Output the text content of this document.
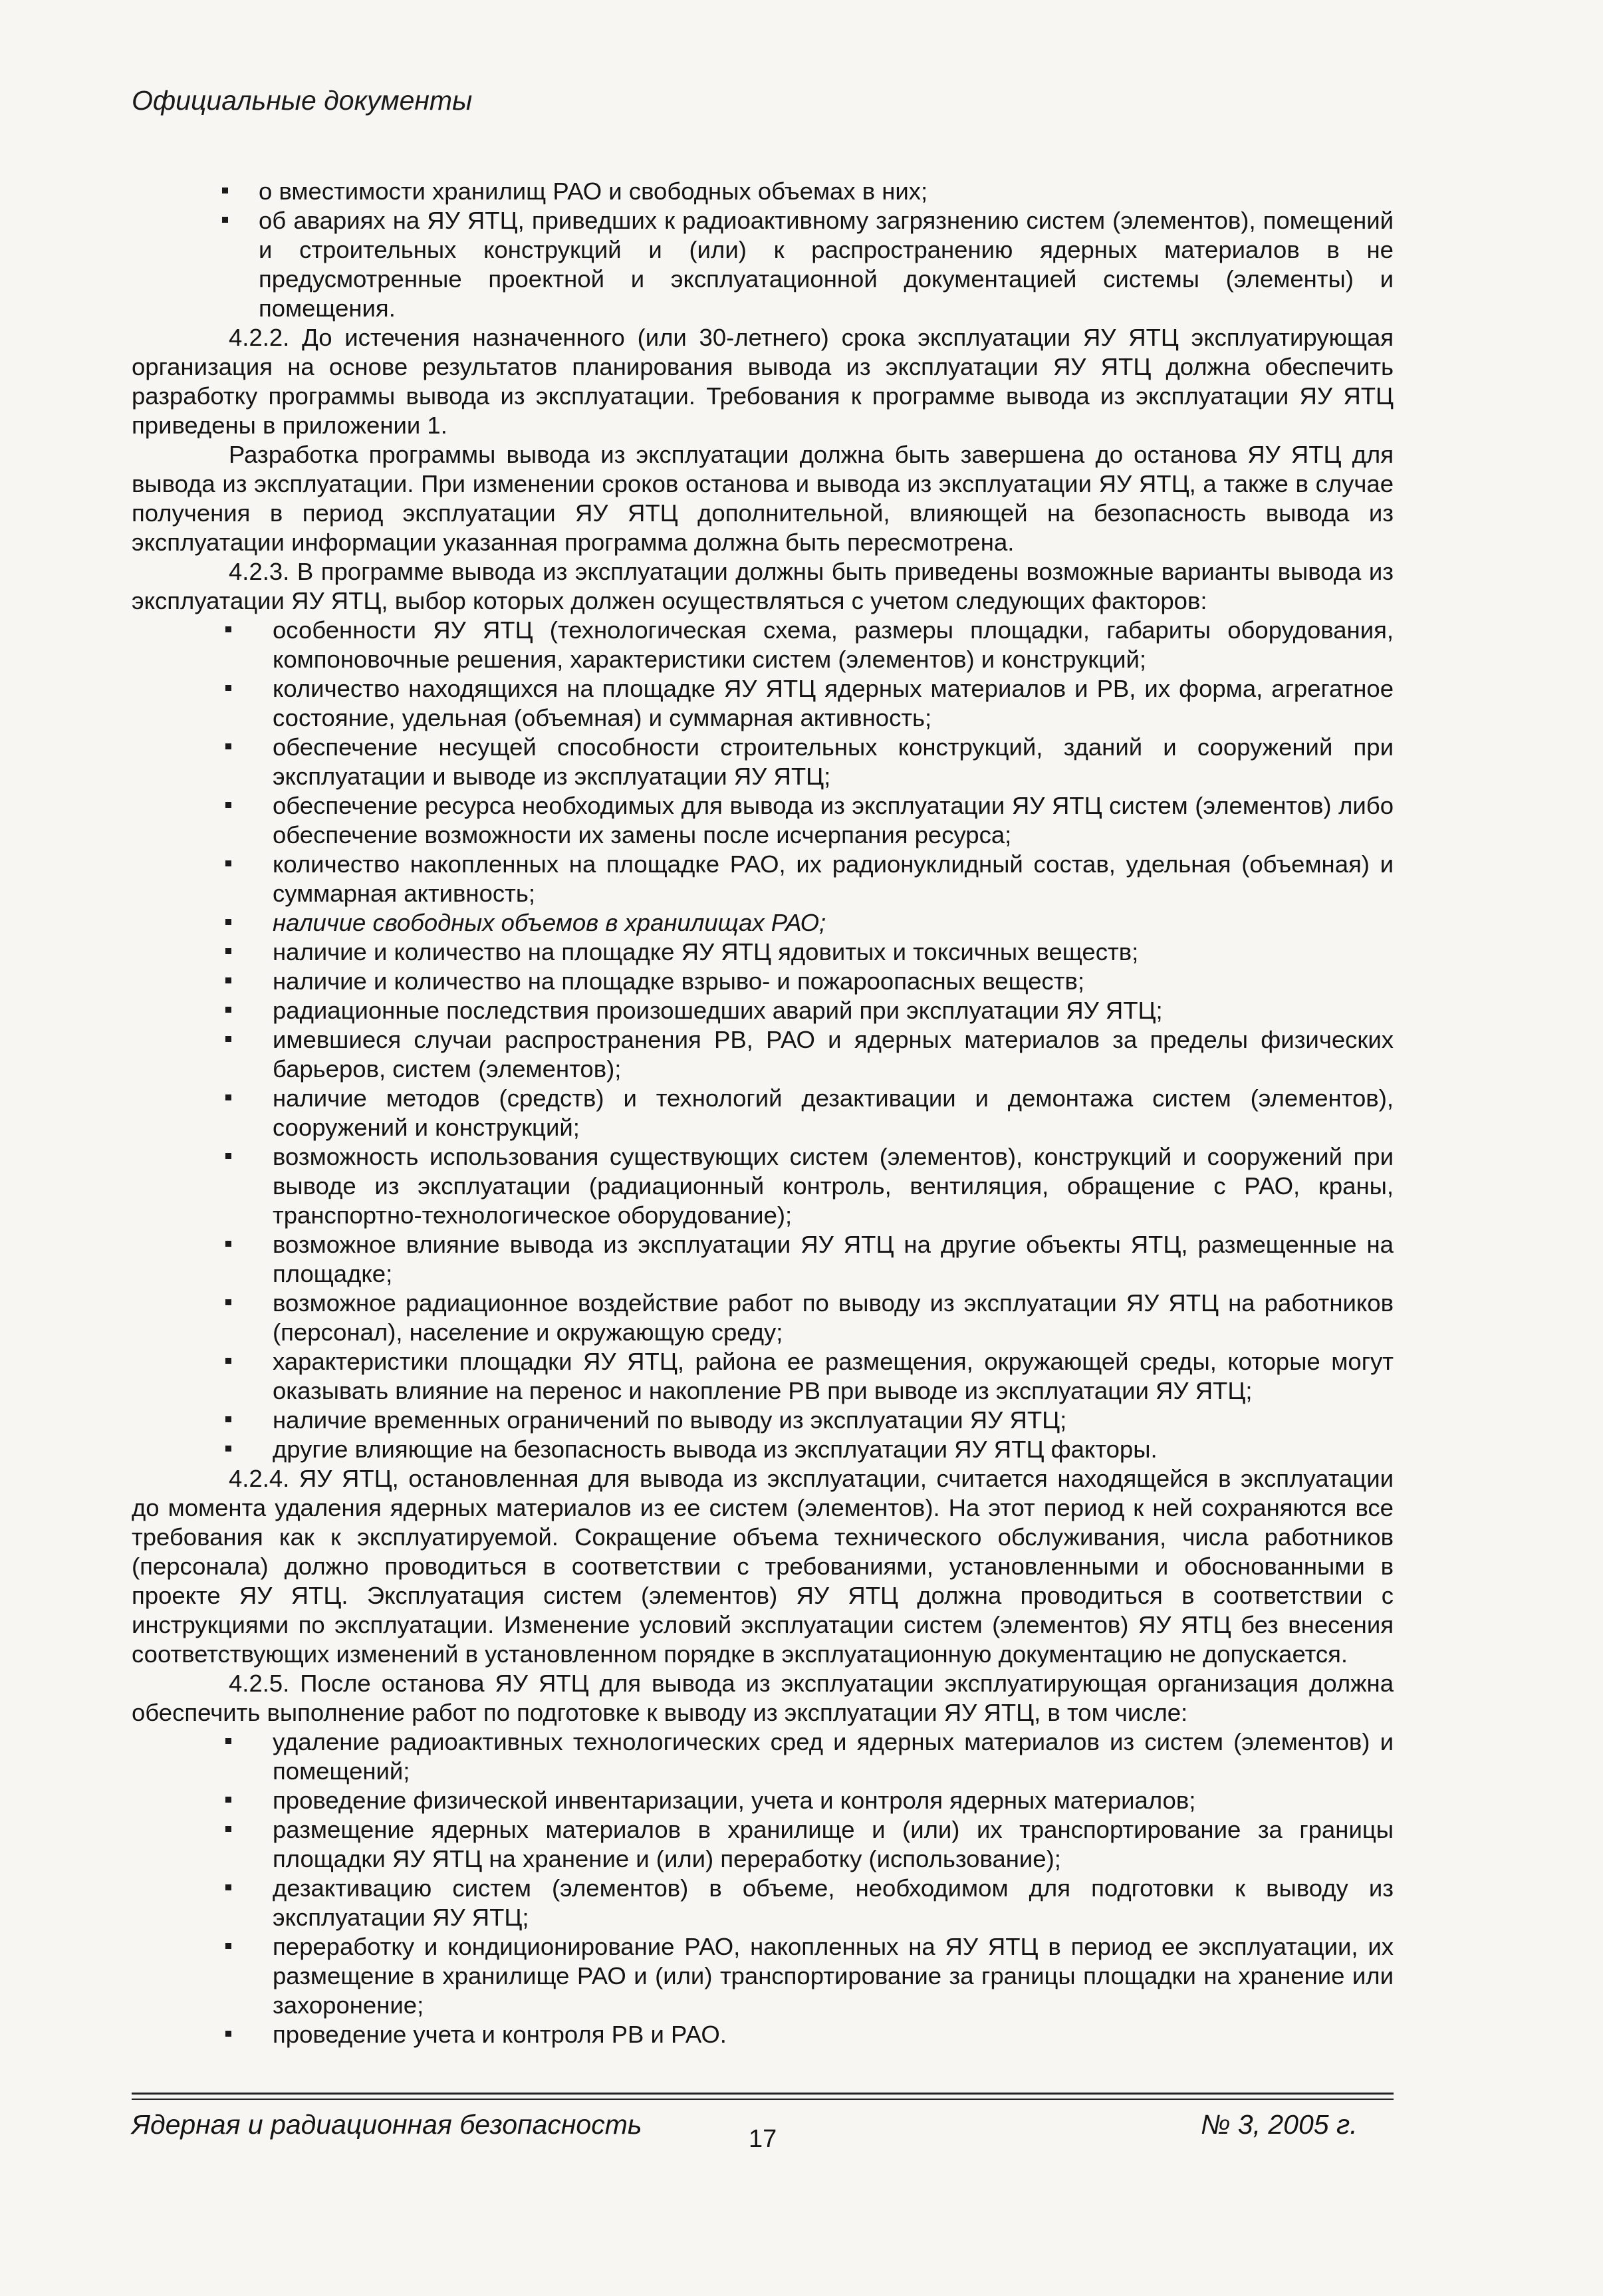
Официальные документы
о вместимости хранилищ РАО и свободных объемах в них;
об авариях на ЯУ ЯТЦ, приведших к радиоактивному загрязнению систем (элементов), помещений и строительных конструкций и (или) к распространению ядерных материалов в не предусмотренные проектной и эксплуатационной документацией системы (элементы) и помещения.

4.2.2. До истечения назначенного (или 30-летнего) срока эксплуатации ЯУ ЯТЦ эксплуатирующая организация на основе результатов планирования вывода из эксплуатации ЯУ ЯТЦ должна обеспечить разработку программы вывода из эксплуатации. Требования к программе вывода из эксплуатации ЯУ ЯТЦ приведены в приложении 1.

Разработка программы вывода из эксплуатации должна быть завершена до останова ЯУ ЯТЦ для вывода из эксплуатации. При изменении сроков останова и вывода из эксплуатации ЯУ ЯТЦ, а также в случае получения в период эксплуатации ЯУ ЯТЦ дополнительной, влияющей на безопасность вывода из эксплуатации информации указанная программа должна быть пересмотрена.

4.2.3. В программе вывода из эксплуатации должны быть приведены возможные варианты вывода из эксплуатации ЯУ ЯТЦ, выбор которых должен осуществляться с учетом следующих факторов:

особенности ЯУ ЯТЦ (технологическая схема, размеры площадки, габариты оборудования, компоновочные решения, характеристики систем (элементов) и конструкций;
количество находящихся на площадке ЯУ ЯТЦ ядерных материалов и РВ, их форма, агрегатное состояние, удельная (объемная) и суммарная активность;
обеспечение несущей способности строительных конструкций, зданий и сооружений при эксплуатации и выводе из эксплуатации ЯУ ЯТЦ;
обеспечение ресурса необходимых для вывода из эксплуатации ЯУ ЯТЦ систем (элементов) либо обеспечение возможности их замены после исчерпания ресурса;
количество накопленных на площадке РАО, их радионуклидный состав, удельная (объемная) и суммарная активность;
наличие свободных объемов в хранилищах РАО;
наличие и количество на площадке ЯУ ЯТЦ ядовитых и токсичных веществ;
наличие и количество на площадке взрыво- и пожароопасных веществ;
радиационные последствия произошедших аварий при эксплуатации ЯУ ЯТЦ;
имевшиеся случаи распространения РВ, РАО и ядерных материалов за пределы физических барьеров, систем (элементов);
наличие методов (средств) и технологий дезактивации и демонтажа систем (элементов), сооружений и конструкций;
возможность использования существующих систем (элементов), конструкций и сооружений при выводе из эксплуатации (радиационный контроль, вентиляция, обращение с РАО, краны, транспортно-технологическое оборудование);
возможное влияние вывода из эксплуатации ЯУ ЯТЦ на другие объекты ЯТЦ, размещенные на площадке;
возможное радиационное воздействие работ по выводу из эксплуатации ЯУ ЯТЦ на работников (персонал), население и окружающую среду;
характеристики площадки ЯУ ЯТЦ, района ее размещения, окружающей среды, которые могут оказывать влияние на перенос и накопление РВ при выводе из эксплуатации ЯУ ЯТЦ;
наличие временных ограничений по выводу из эксплуатации ЯУ ЯТЦ;
другие влияющие на безопасность вывода из эксплуатации ЯУ ЯТЦ факторы.

4.2.4. ЯУ ЯТЦ, остановленная для вывода из эксплуатации, считается находящейся в эксплуатации до момента удаления ядерных материалов из ее систем (элементов). На этот период к ней сохраняются все требования как к эксплуатируемой. Сокращение объема технического обслуживания, числа работников (персонала) должно проводиться в соответствии с требованиями, установленными и обоснованными в проекте ЯУ ЯТЦ. Эксплуатация систем (элементов) ЯУ ЯТЦ должна проводиться в соответствии с инструкциями по эксплуатации. Изменение условий эксплуатации систем (элементов) ЯУ ЯТЦ без внесения соответствующих изменений в установленном порядке в эксплуатационную документацию не допускается.

4.2.5. После останова ЯУ ЯТЦ для вывода из эксплуатации эксплуатирующая организация должна обеспечить выполнение работ по подготовке к выводу из эксплуатации ЯУ ЯТЦ, в том числе:

удаление радиоактивных технологических сред и ядерных материалов из систем (элементов) и помещений;
проведение физической инвентаризации, учета и контроля ядерных материалов;
размещение ядерных материалов в хранилище и (или) их транспортирование за границы площадки ЯУ ЯТЦ на хранение и (или) переработку (использование);
дезактивацию систем (элементов) в объеме, необходимом для подготовки к выводу из эксплуатации ЯУ ЯТЦ;
переработку и кондиционирование РАО, накопленных на ЯУ ЯТЦ в период ее эксплуатации, их размещение в хранилище РАО и (или) транспортирование за границы площадки на хранение или захоронение;
проведение учета и контроля РВ и РАО.
Ядерная и радиационная безопасность	17	№ 3, 2005 г.
